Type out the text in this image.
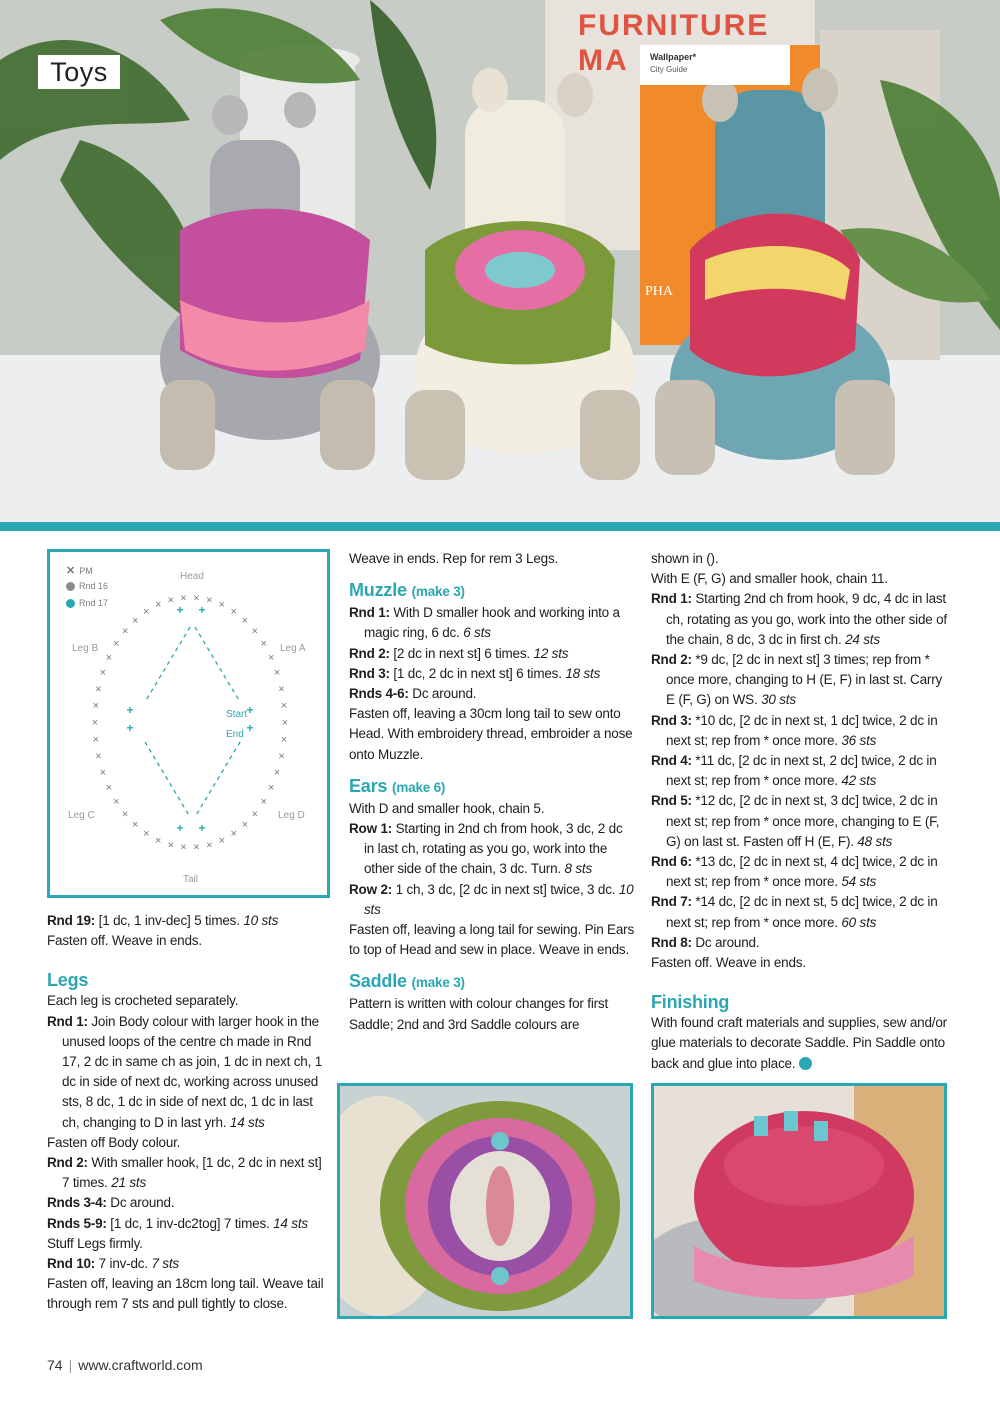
FURNITURE
MA Wallpaper*
City Guide
PHA
Toys
✕ PM
Rnd 16
Rnd 17
×
×
×
×
×
×
×
×
×
×
×
×
×
×
×
×
×
×
×
×
×
×
×
×
×
×
×
×
×
×
×
×
× × × × × ×
×
×
×
×
×
×
×
×
+ +
+
+
+
+
+ +
Head
Leg B	Leg A
Start
End
Leg C	Leg D
Tail

Rnd 19: [1 dc, 1 inv-dec] 5 times. 10 sts

Fasten off. Weave in ends.

Legs

Each leg is crocheted separately.

Rnd 1: Join Body colour with larger hook in the unused loops of the centre ch made in Rnd 17, 2 dc in same ch as join, 1 dc in next ch, 1 dc in side of next dc, working across unused sts, 8 dc, 1 dc in side of next dc, 1 dc in last ch, changing to D in last yrh. 14 sts

Fasten off Body colour.

Rnd 2: With smaller hook, [1 dc, 2 dc in next st] 7 times. 21 sts

Rnds 3-4: Dc around.

Rnds 5-9: [1 dc, 1 inv-dc2tog] 7 times. 14 sts

Stuff Legs firmly.

Rnd 10: 7 inv-dc. 7 sts

Fasten off, leaving an 18cm long tail. Weave tail through rem 7 sts and pull tightly to close.

Weave in ends. Rep for rem 3 Legs.

Muzzle (make 3)

Rnd 1: With D smaller hook and working into a magic ring, 6 dc. 6 sts

Rnd 2: [2 dc in next st] 6 times. 12 sts

Rnd 3: [1 dc, 2 dc in next st] 6 times. 18 sts

Rnds 4-6: Dc around.

Fasten off, leaving a 30cm long tail to sew onto Head. With embroidery thread, embroider a nose onto Muzzle.

Ears (make 6)

With D and smaller hook, chain 5.

Row 1: Starting in 2nd ch from hook, 3 dc, 2 dc in last ch, rotating as you go, work into the other side of the chain, 3 dc. Turn. 8 sts

Row 2: 1 ch, 3 dc, [2 dc in next st] twice, 3 dc. 10 sts

Fasten off, leaving a long tail for sewing. Pin Ears to top of Head and sew in place. Weave in ends.

Saddle (make 3)

Pattern is written with colour changes for first Saddle; 2nd and 3rd Saddle colours are

shown in ().

With E (F, G) and smaller hook, chain 11.

Rnd 1: Starting 2nd ch from hook, 9 dc, 4 dc in last ch, rotating as you go, work into the other side of the chain, 8 dc, 3 dc in first ch. 24 sts

Rnd 2: *9 dc, [2 dc in next st] 3 times; rep from * once more, changing to H (E, F) in last st. Carry E (F, G) on WS. 30 sts

Rnd 3: *10 dc, [2 dc in next st, 1 dc] twice, 2 dc in next st; rep from * once more. 36 sts

Rnd 4: *11 dc, [2 dc in next st, 2 dc] twice, 2 dc in next st; rep from * once more. 42 sts

Rnd 5: *12 dc, [2 dc in next st, 3 dc] twice, 2 dc in next st; rep from * once more, changing to E (F, G) on last st. Fasten off H (E, F). 48 sts

Rnd 6: *13 dc, [2 dc in next st, 4 dc] twice, 2 dc in next st; rep from * once more. 54 sts

Rnd 7: *14 dc, [2 dc in next st, 5 dc] twice, 2 dc in next st; rep from * once more. 60 sts

Rnd 8: Dc around.

Fasten off. Weave in ends.

Finishing

With found craft materials and supplies, sew and/or glue materials to decorate Saddle. Pin Saddle onto back and glue into place.

74 | www.craftworld.com
